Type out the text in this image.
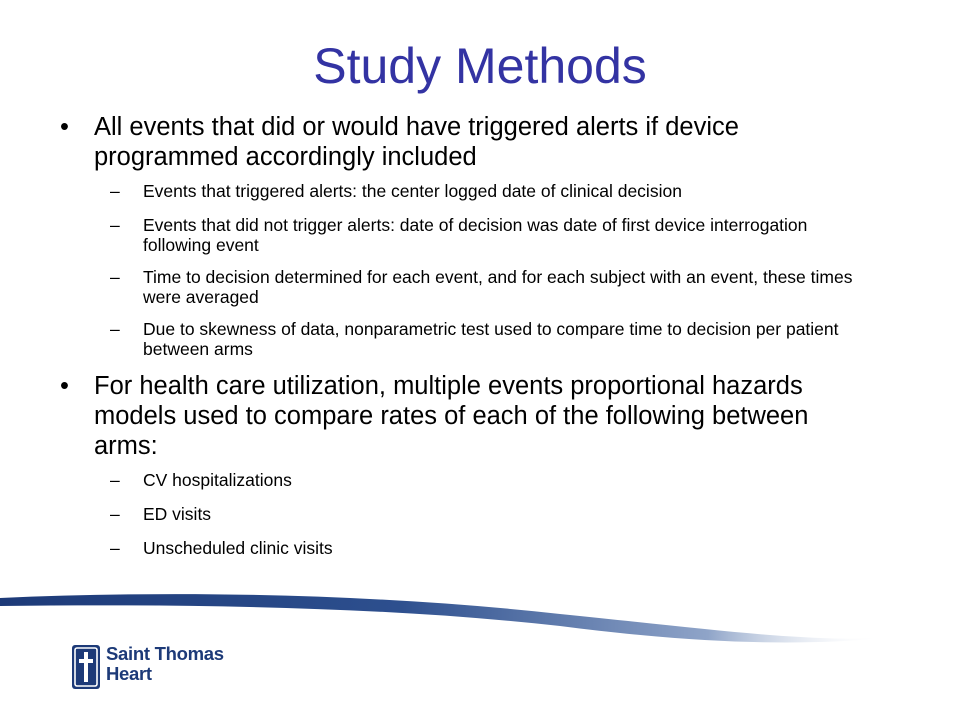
Study Methods
• All events that did or would have triggered alerts if device programmed accordingly included
– Events that triggered alerts: the center logged date of clinical decision
– Events that did not trigger alerts: date of decision was date of first device interrogation following event
– Time to decision determined for each event, and for each subject with an event, these times were averaged
– Due to skewness of data, nonparametric test used to compare time to decision per patient between arms
• For health care utilization, multiple events proportional hazards models used to compare rates of each of the following between arms:
– CV hospitalizations
– ED visits
– Unscheduled clinic visits
Saint Thomas
Heart
